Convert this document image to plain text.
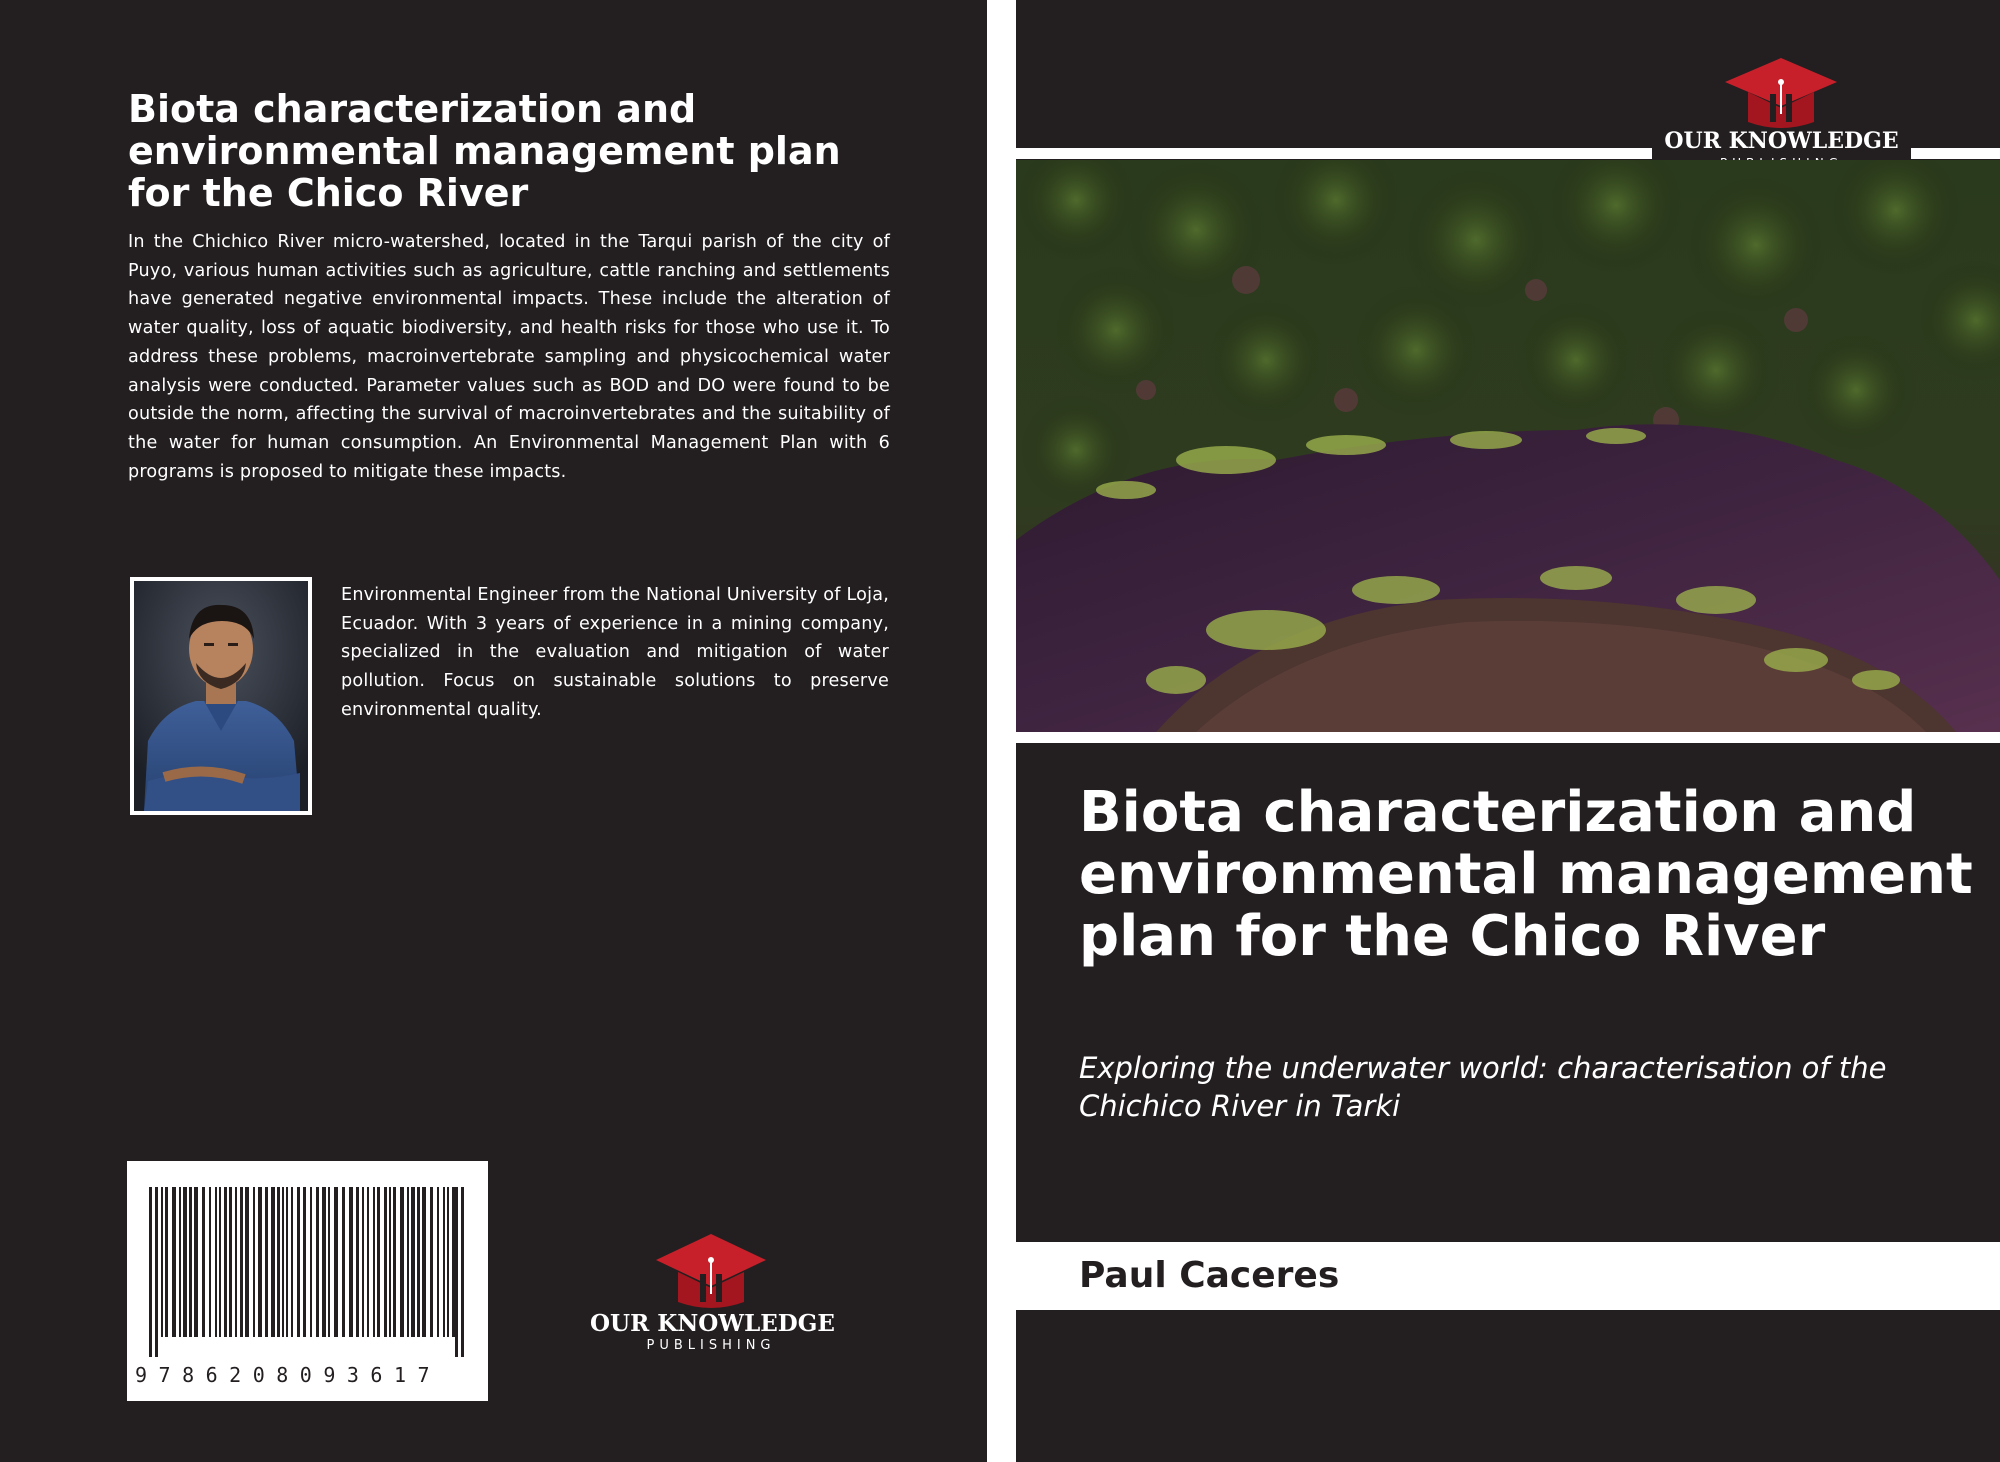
Biota characterization and environmental management plan for the Chico River

In the Chichico River micro-watershed, located in the Tarqui parish of the city of Puyo, various human activities such as agriculture, cattle ranching and settlements have generated negative environmental impacts. These include the alteration of water quality, loss of aquatic biodiversity, and health risks for those who use it. To address these problems, macroinvertebrate sampling and physicochemical water analysis were conducted. Parameter values such as BOD and DO were found to be outside the norm, affecting the survival of macroinvertebrates and the suitability of the water for human consumption. An Environmental Management Plan with 6 programs is proposed to mitigate these impacts.

Environmental Engineer from the National University of Loja, Ecuador. With 3 years of experience in a mining company, specialized in the evaluation and mitigation of water pollution. Focus on sustainable solutions to preserve environmental quality.

9786208093617
OUR KNOWLEDGE
PUBLISHING
OUR KNOWLEDGE
Biota characterization and environmental management plan for the Chico River

Exploring the underwater world: characterisation of the Chichico River in Tarki

Paul Caceres
